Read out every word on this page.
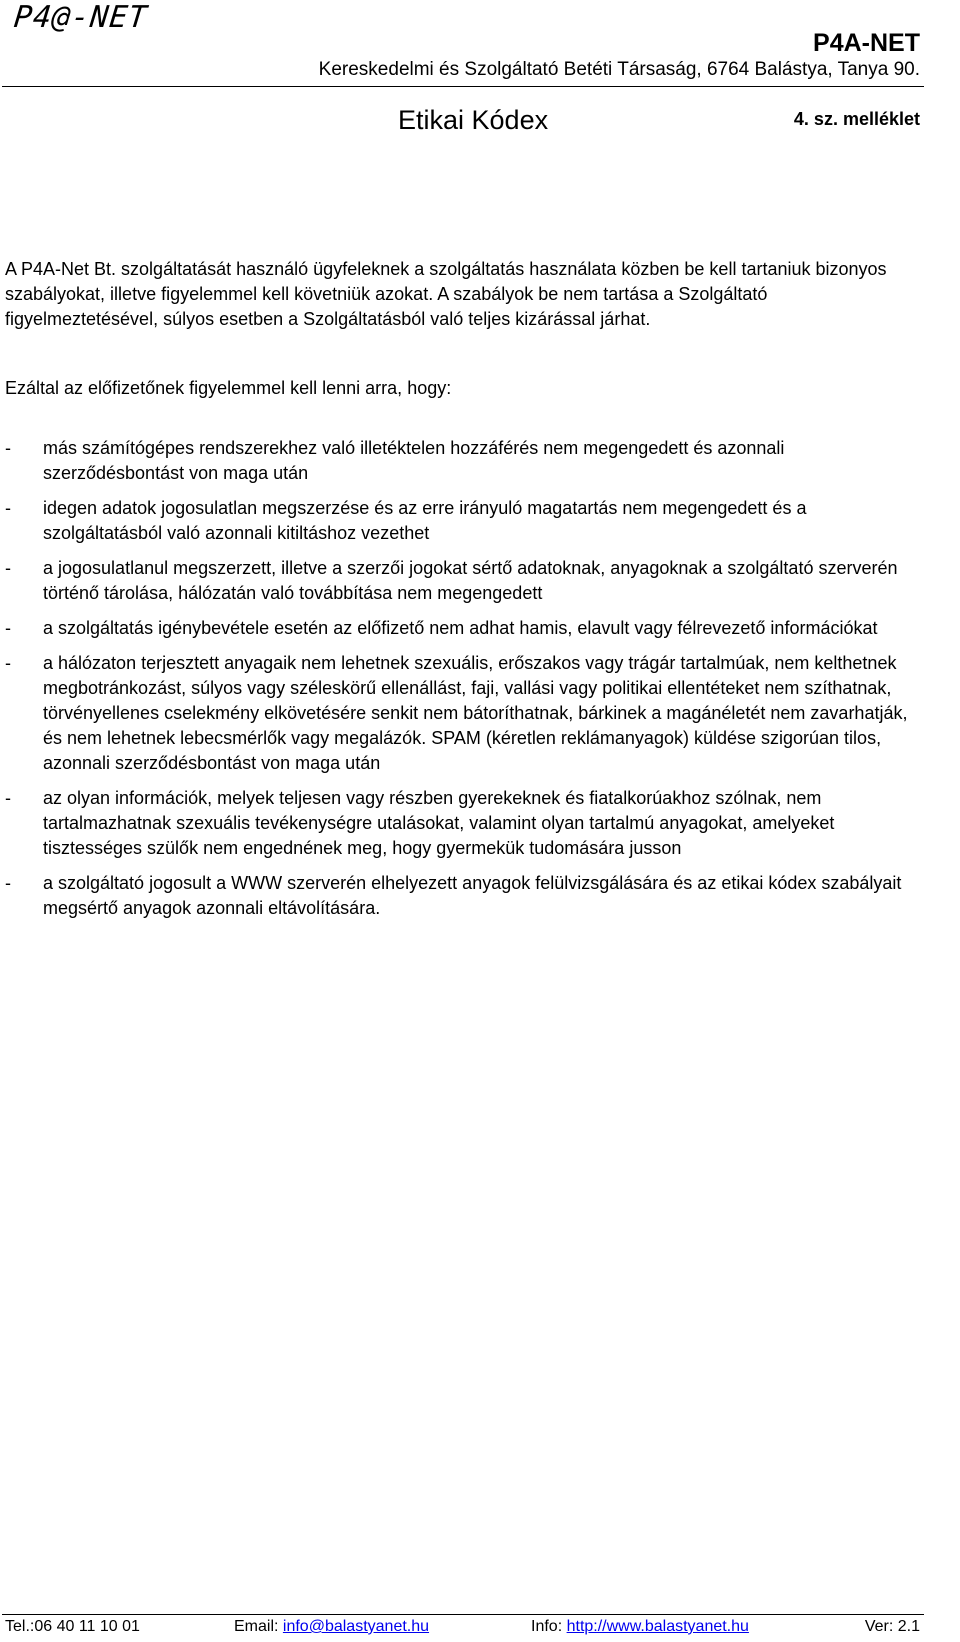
P4@-NET
P4A-NET
Kereskedelmi és Szolgáltató Betéti Társaság, 6764 Balástya, Tanya 90.
4. sz. melléklet
Etikai Kódex

A P4A-Net Bt. szolgáltatását használó ügyfeleknek a szolgáltatás használata közben be kell tartaniuk bizonyos szabályokat, illetve figyelemmel kell követniük azokat. A szabályok be nem tartása a Szolgáltató figyelmeztetésével, súlyos esetben a Szolgáltatásból való teljes kizárással járhat.

Ezáltal az előfizetőnek figyelemmel kell lenni arra, hogy:

- más számítógépes rendszerekhez való illetéktelen hozzáférés nem megengedett és azonnali szerződésbontást von maga után
- idegen adatok jogosulatlan megszerzése és az erre irányuló magatartás nem megengedett és a szolgáltatásból való azonnali kitiltáshoz vezethet
- a jogosulatlanul megszerzett, illetve a szerzői jogokat sértő adatoknak, anyagoknak a szolgáltató szerverén történő tárolása, hálózatán való továbbítása nem megengedett
- a szolgáltatás igénybevétele esetén az előfizető nem adhat hamis, elavult vagy félrevezető információkat
- a hálózaton terjesztett anyagaik nem lehetnek szexuális, erőszakos vagy trágár tartalmúak, nem kelthetnek megbotránkozást, súlyos vagy széleskörű ellenállást, faji, vallási vagy politikai ellentéteket nem szíthatnak, törvényellenes cselekmény elkövetésére senkit nem bátoríthatnak, bárkinek a magánéletét nem zavarhatják, és nem lehetnek lebecsmérlők vagy megalázók. SPAM (kéretlen reklámanyagok) küldése szigorúan tilos, azonnali szerződésbontást von maga után
- az olyan információk, melyek teljesen vagy részben gyerekeknek és fiatalkorúakhoz szólnak, nem tartalmazhatnak szexuális tevékenységre utalásokat, valamint olyan tartalmú anyagokat, amelyeket tisztességes szülők nem engednének meg, hogy gyermekük tudomására jusson
- a szolgáltató jogosult a WWW szerverén elhelyezett anyagok felülvizsgálására és az etikai kódex szabályait megsértő anyagok azonnali eltávolítására.
Tel.:06 40 11 10 01	Email: info@balastyanet.hu	Info: http://www.balastyanet.hu	Ver: 2.1
